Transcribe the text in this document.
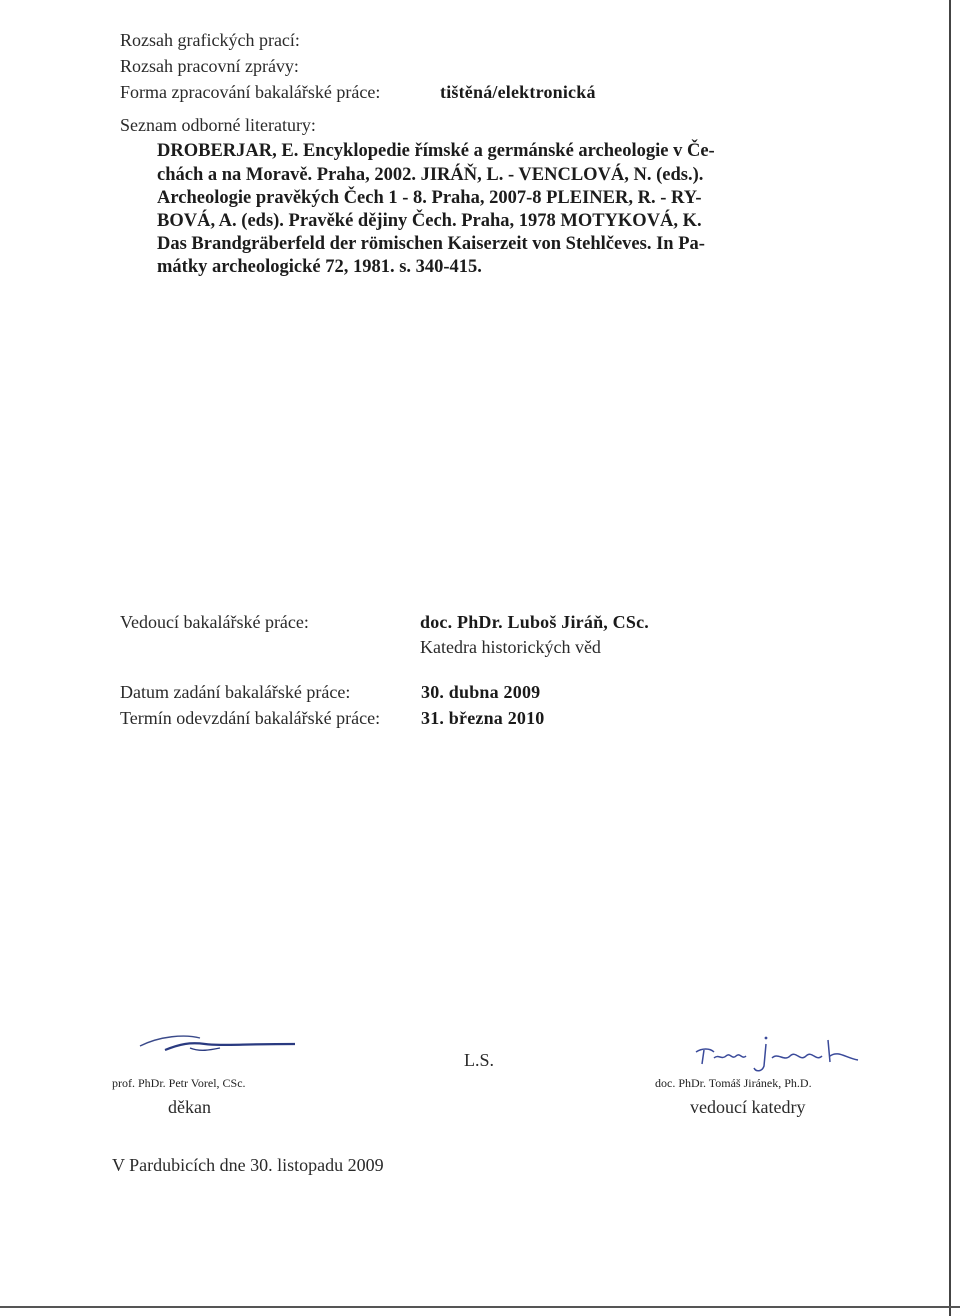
Rozsah grafických prací:
Rozsah pracovní zprávy:
Forma zpracování bakalářské práce:	tištěná/elektronická
Seznam odborné literatury:
DROBERJAR, E. Encyklopedie římské a germánské archeologie v Če-
chách a na Moravě. Praha, 2002. JIRÁŇ, L. - VENCLOVÁ, N. (eds.).
Archeologie pravěkých Čech 1 - 8. Praha, 2007-8 PLEINER, R. - RY-
BOVÁ, A. (eds). Pravěké dějiny Čech. Praha, 1978 MOTYKOVÁ, K.
Das Brandgräberfeld der römischen Kaiserzeit von Stehlčeves. In Pa-
mátky archeologické 72, 1981. s. 340-415.
Vedoucí bakalářské práce:	doc. PhDr. Luboš Jiráň, CSc.
Katedra historických věd
Datum zadání bakalářské práce:	30. dubna 2009
Termín odevzdání bakalářské práce: 31. března 2010
prof. PhDr. Petr Vorel, CSc.
děkan
L.S.
doc. PhDr. Tomáš Jiránek, Ph.D.
vedoucí katedry
V Pardubicích dne 30. listopadu 2009
